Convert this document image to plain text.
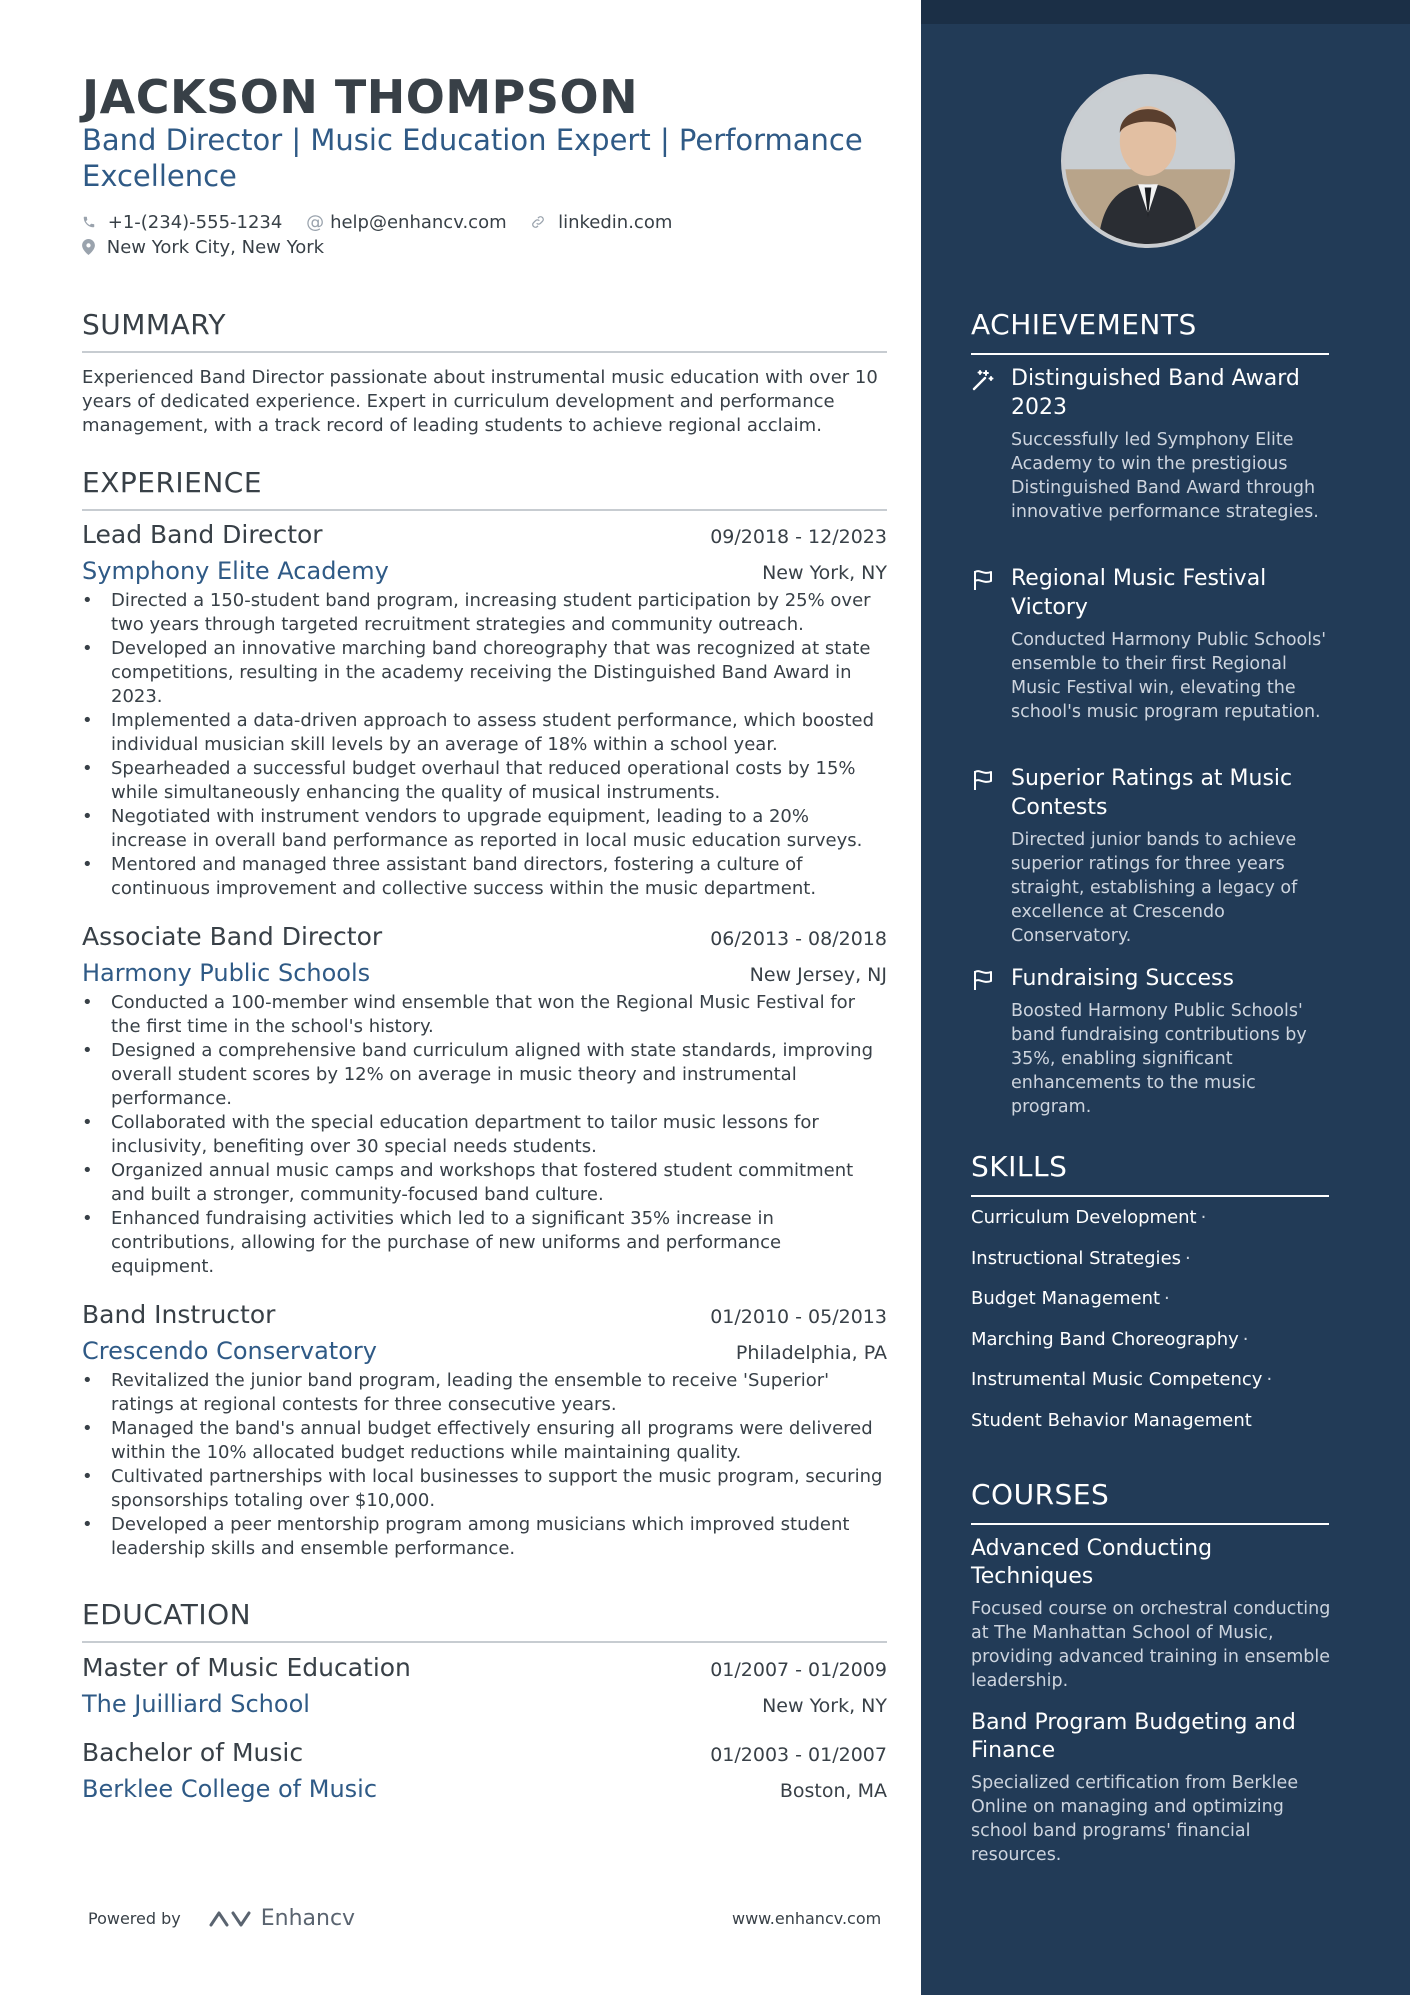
JACKSON THOMPSON
Band Director | Music Education Expert | Performance Excellence
+1-(234)-555-1234 @ help@enhancv.com	linkedin.com
New York City, New York
SUMMARY
Experienced Band Director passionate about instrumental music education with over 10 years of dedicated experience. Expert in curriculum development and performance management, with a track record of leading students to achieve regional acclaim.
EXPERIENCE
Lead Band Director	09/2018 - 12/2023
Symphony Elite Academy	New York, NY
• Directed a 150-student band program, increasing student participation by 25% over two years through targeted recruitment strategies and community outreach.
• Developed an innovative marching band choreography that was recognized at state competitions, resulting in the academy receiving the Distinguished Band Award in 2023.
• Implemented a data-driven approach to assess student performance, which boosted individual musician skill levels by an average of 18% within a school year.
• Spearheaded a successful budget overhaul that reduced operational costs by 15% while simultaneously enhancing the quality of musical instruments.
• Negotiated with instrument vendors to upgrade equipment, leading to a 20% increase in overall band performance as reported in local music education surveys.
• Mentored and managed three assistant band directors, fostering a culture of continuous improvement and collective success within the music department.
Associate Band Director	06/2013 - 08/2018
Harmony Public Schools	New Jersey, NJ
• Conducted a 100-member wind ensemble that won the Regional Music Festival for the first time in the school's history.
• Designed a comprehensive band curriculum aligned with state standards, improving overall student scores by 12% on average in music theory and instrumental performance.
• Collaborated with the special education department to tailor music lessons for inclusivity, benefiting over 30 special needs students.
• Organized annual music camps and workshops that fostered student commitment and built a stronger, community-focused band culture.
• Enhanced fundraising activities which led to a significant 35% increase in contributions, allowing for the purchase of new uniforms and performance equipment.
Band Instructor	01/2010 - 05/2013
Crescendo Conservatory	Philadelphia, PA
• Revitalized the junior band program, leading the ensemble to receive 'Superior' ratings at regional contests for three consecutive years.
• Managed the band's annual budget effectively ensuring all programs were delivered within the 10% allocated budget reductions while maintaining quality.
• Cultivated partnerships with local businesses to support the music program, securing sponsorships totaling over $10,000.
• Developed a peer mentorship program among musicians which improved student leadership skills and ensemble performance.
EDUCATION
Master of Music Education	01/2007 - 01/2009
The Juilliard School	New York, NY
Bachelor of Music	01/2003 - 01/2007
Berklee College of Music	Boston, MA
Powered by	Enhancv	www.enhancv.com
ACHIEVEMENTS
Distinguished Band Award 2023
Successfully led Symphony Elite Academy to win the prestigious Distinguished Band Award through innovative performance strategies.
Regional Music Festival Victory
Conducted Harmony Public Schools' ensemble to their first Regional Music Festival win, elevating the school's music program reputation.
Superior Ratings at Music Contests
Directed junior bands to achieve superior ratings for three years straight, establishing a legacy of excellence at Crescendo Conservatory.
Fundraising Success
Boosted Harmony Public Schools' band fundraising contributions by 35%, enabling significant enhancements to the music program.
SKILLS
Curriculum Development ·
Instructional Strategies ·
Budget Management ·
Marching Band Choreography ·
Instrumental Music Competency ·
Student Behavior Management
COURSES
Advanced Conducting Techniques
Focused course on orchestral conducting at The Manhattan School of Music, providing advanced training in ensemble leadership.
Band Program Budgeting and Finance
Specialized certification from Berklee Online on managing and optimizing school band programs' financial resources.
